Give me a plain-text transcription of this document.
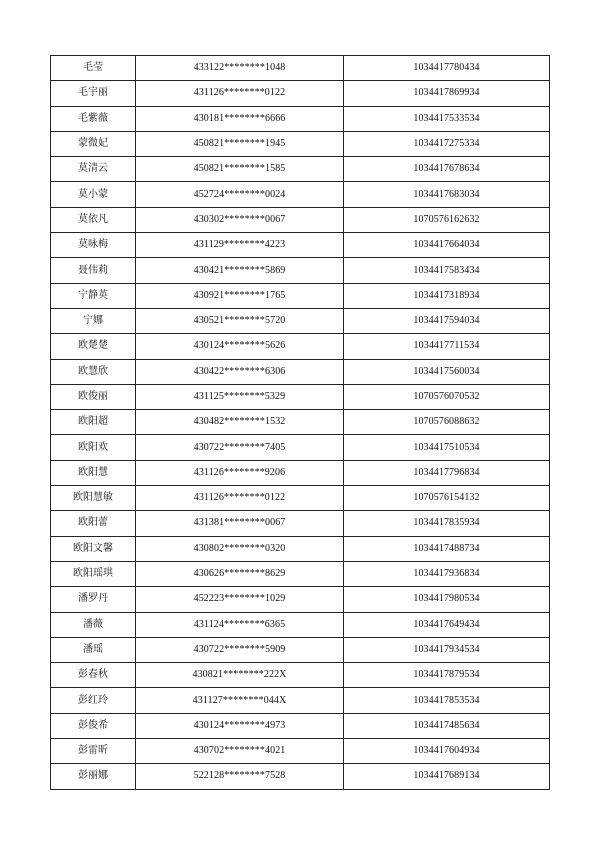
毛莹	433122********1048	1034417780434
毛宇丽	431126********0122	1034417869934
毛紫薇	430181********6666	1034417533534
蒙微妃	450821********1945	1034417275334
莫清云	450821********1585	1034417678634
莫小蒙	452724********0024	1034417683034
莫依凡	430302********0067	1070576162632
莫咏梅	431129********4223	1034417664034
聂伟莉	430421********5869	1034417583434
宁静英	430921********1765	1034417318934
宁娜	430521********5720	1034417594034
欧楚楚	430124********5626	1034417711534
欧慧欣	430422********6306	1034417560034
欧俊丽	431125********5329	1070576070532
欧阳超	430482********1532	1070576088632
欧阳欢	430722********7405	1034417510534
欧阳慧	431126********9206	1034417796834
欧阳慧敏	431126********0122	1070576154132
欧阳蕾	431381********0067	1034417835934
欧阳文馨	430802********0320	1034417488734
欧阳瑶琪	430626********8629	1034417936834
潘罗丹	452223********1029	1034417980534
潘薇	431124********6365	1034417649434
潘瑶	430722********5909	1034417934534
彭春秋	430821********222X	1034417879534
彭红玲	431127********044X	1034417853534
彭俊希	430124********4973	1034417485634
彭雷昕	430702********4021	1034417604934
彭丽娜	522128********7528	1034417689134
